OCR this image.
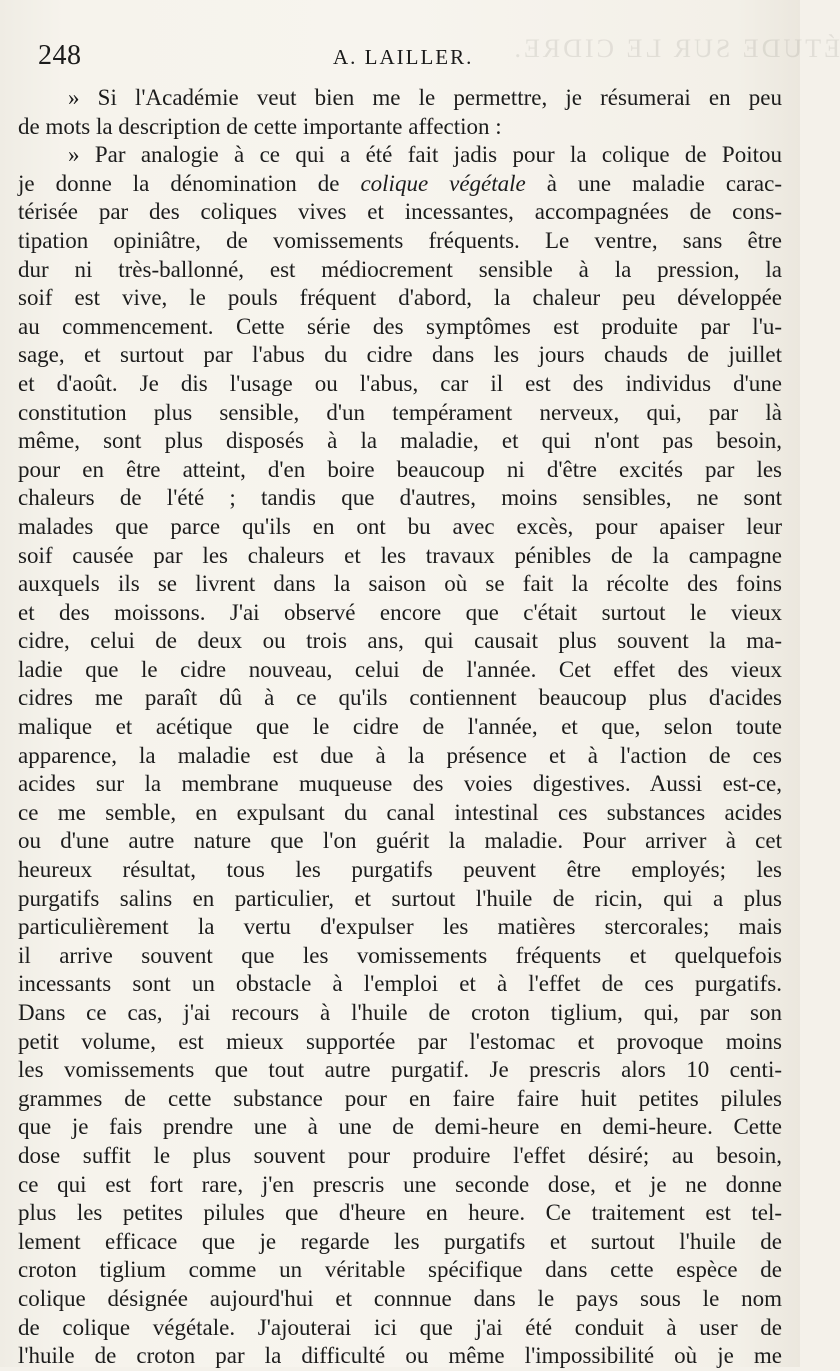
ÉTUDE SUR LE CIDRE.
248	A. LAILLER.
» Si l'Académie veut bien me le permettre, je résumerai en peu
de mots la description de cette importante affection :
» Par analogie à ce qui a été fait jadis pour la colique de Poitou
je donne la dénomination de colique végétale à une maladie carac-
térisée par des coliques vives et incessantes, accompagnées de cons-
tipation opiniâtre, de vomissements fréquents. Le ventre, sans être
dur ni très-ballonné, est médiocrement sensible à la pression, la
soif est vive, le pouls fréquent d'abord, la chaleur peu développée
au commencement. Cette série des symptômes est produite par l'u-
sage, et surtout par l'abus du cidre dans les jours chauds de juillet
et d'août. Je dis l'usage ou l'abus, car il est des individus d'une
constitution plus sensible, d'un tempérament nerveux, qui, par là
même, sont plus disposés à la maladie, et qui n'ont pas besoin,
pour en être atteint, d'en boire beaucoup ni d'être excités par les
chaleurs de l'été ; tandis que d'autres, moins sensibles, ne sont
malades que parce qu'ils en ont bu avec excès, pour apaiser leur
soif causée par les chaleurs et les travaux pénibles de la campagne
auxquels ils se livrent dans la saison où se fait la récolte des foins
et des moissons. J'ai observé encore que c'était surtout le vieux
cidre, celui de deux ou trois ans, qui causait plus souvent la ma-
ladie que le cidre nouveau, celui de l'année. Cet effet des vieux
cidres me paraît dû à ce qu'ils contiennent beaucoup plus d'acides
malique et acétique que le cidre de l'année, et que, selon toute
apparence, la maladie est due à la présence et à l'action de ces
acides sur la membrane muqueuse des voies digestives. Aussi est-ce,
ce me semble, en expulsant du canal intestinal ces substances acides
ou d'une autre nature que l'on guérit la maladie. Pour arriver à cet
heureux résultat, tous les purgatifs peuvent être employés; les
purgatifs salins en particulier, et surtout l'huile de ricin, qui a plus
particulièrement la vertu d'expulser les matières stercorales; mais
il arrive souvent que les vomissements fréquents et quelquefois
incessants sont un obstacle à l'emploi et à l'effet de ces purgatifs.
Dans ce cas, j'ai recours à l'huile de croton tiglium, qui, par son
petit volume, est mieux supportée par l'estomac et provoque moins
les vomissements que tout autre purgatif. Je prescris alors 10 centi-
grammes de cette substance pour en faire faire huit petites pilules
que je fais prendre une à une de demi-heure en demi-heure. Cette
dose suffit le plus souvent pour produire l'effet désiré; au besoin,
ce qui est fort rare, j'en prescris une seconde dose, et je ne donne
plus les petites pilules que d'heure en heure. Ce traitement est tel-
lement efficace que je regarde les purgatifs et surtout l'huile de
croton tiglium comme un véritable spécifique dans cette espèce de
colique désignée aujourd'hui et connnue dans le pays sous le nom
de colique végétale. J'ajouterai ici que j'ai été conduit à user de
l'huile de croton par la difficulté ou même l'impossibilité où je me
